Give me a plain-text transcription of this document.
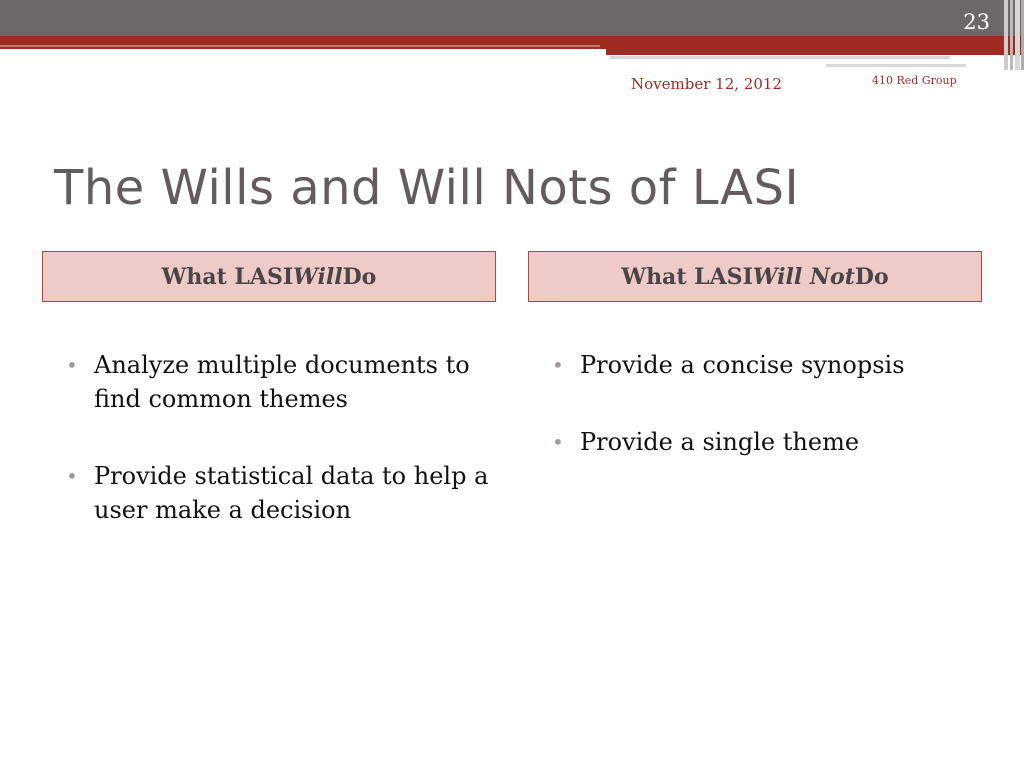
23
November 12, 2012	410 Red Group
The Wills and Will Nots of LASI
What LASI Will Do	What LASI Will Not Do
• Analyze multiple documents to find common themes
• Provide statistical data to help a user make a decision
• Provide a concise synopsis
• Provide a single theme
